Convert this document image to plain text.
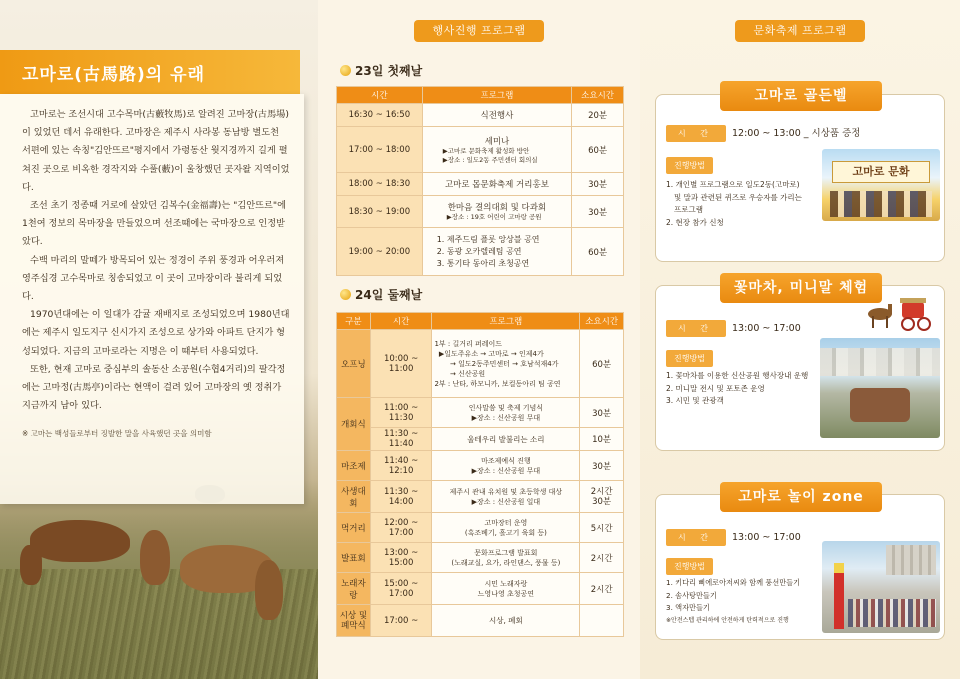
고마로(古馬路)의 유래

고마로는 조선시대 고수목마(古藪牧馬)로 알려진 고마장(古馬場)이 있었던 데서 유래한다. 고마장은 제주시 사라봉 동남방 별도천 서편에 있는 속칭"김안뜨르"평지에서 가령동산 웟지경까지 길게 펼쳐진 곳으로 비옥한 경작지와 수풀(藪)이 울창했던 곳자왈 지역이었다.

조선 초기 정종때 거로에 살았던 김복수(金福壽)는 "김안뜨르"에 1천여 정보의 목마장을 만들었으며 선조때에는 국마장으로 인정받았다.

수백 마리의 말떼가 방목되어 있는 정경이 주위 풍경과 어우러져 영주십경 고수목마로 칭송되었고 이 곳이 고마장이라 불리게 되었다.

1970년대에는 이 일대가 감귤 재배지로 조성되었으며 1980년대에는 제주시 일도지구 신시가지 조성으로 상가와 아파트 단지가 형성되었다. 지금의 고마로라는 지명은 이 때부터 사용되었다.

또한, 현재 고마로 중심부의 솔동산 소공원(수협4거리)의 팔각정에는 고마정(古馬亭)이라는 현액이 걸려 있어 고마장의 옛 정취가 지금까지 남아 있다.

※ 고마는 백성들로부터 징발한 말을 사육했던 곳을 의미함

행사진행 프로그램
23일 첫째날
시간	프로그램	소요시간
16:30 ~ 16:50	식전행사	20분
17:00 ~ 18:00	세미나
▶고마로 문화축제 활성화 방안
▶장소 : 일도2동 주민센터 회의실	60분
18:00 ~ 18:30	고마로 몹문화축제 거리홍보	30분
18:30 ~ 19:00	한마음 결의대회 및 다과회
▶장소 : 19호 어린이 고마랑 공원	30분
19:00 ~ 20:00	1. 제주드림 플롯 앙상블 공연
2. 동광 오카렐레팀 공연
3. 통기타 동아리 초청공연	60분
24일 둘째날
구분	시간	프로그램	소요시간
오프닝	10:00 ~ 11:00	1부 : 길거리 퍼레이드
▶일도주유소 → 고마로 → 인제4가
→ 일도2동주민센터 → 호남석재4가
→ 신산공원
2부 : 난타, 하모니카, 보컬동아리 팀 공연	60분
개회식	11:00 ~ 11:30	인사말씀 및 축제 기념식
▶장소 : 신산공원 무대	30분
	11:30 ~ 11:40	울테우리 발불리는 소리	10분
마조제	11:40 ~ 12:10	마조제예식 진행
▶장소 : 신산공원 무대	30분
사생대회	11:30 ~ 14:00	제주시 관내 유치원 및 초등학생 대상
▶장소 : 신산공원 일대	2시간
30분
먹거리	12:00 ~ 17:00	고마장터 운영
(흑조베기, 흘고기 육회 등)	5시간
발표회	13:00 ~ 15:00	문화프로그램 발표회
(노래교실, 요가, 라인댄스, 풍물 등)	2시간
노래자랑	15:00 ~ 17:00	시민 노래자랑
느영나영 초청공연	2시간
시상 및
폐막식	17:00 ~	시상, 폐회	
문화축제 프로그램
시 간 12:00 ~ 13:00 _ 시상품 증정
진행방법
1. 개인별 프로그램으로 일도2동(고마로)
및 말과 관련된 퀴즈로 우승자를 가리는
프로그램
2. 현장 참가 신청
고마로 문화
고마로 골든벨
시 간 13:00 ~ 17:00
진행방법
1. 꽃마차를 이용한 신산공원 행사장내 운행
2. 미니말 전시 및 포토존 운영
3. 시민 및 관광객
꽃마차, 미니말 체험
시 간 13:00 ~ 17:00
진행방법
1. 키다리 삐에로아저씨와 함께 풍선만들기
2. 솜사탕만들기
3. 액자만들기
※안전스텝 관리하에 안전하게 탄력적으로 진행
고마로 놀이 zone
